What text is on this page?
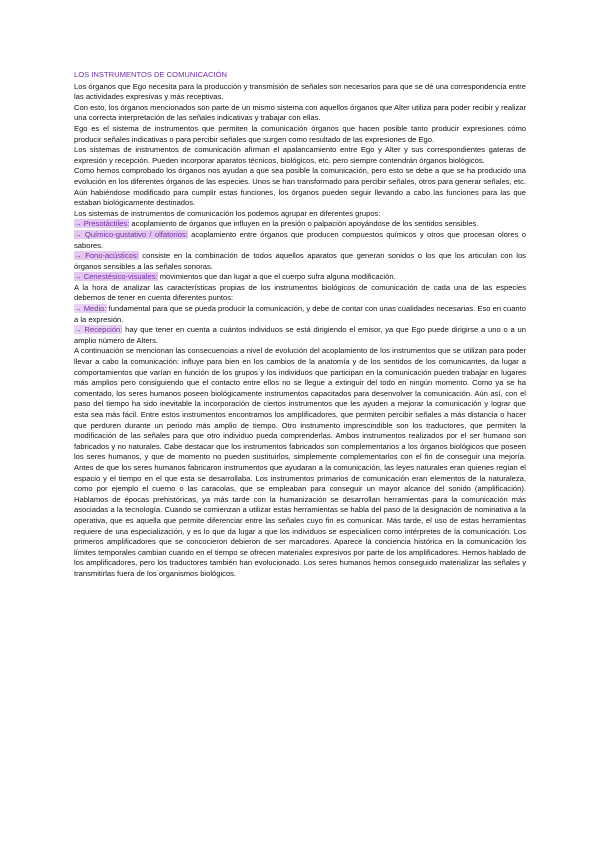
LOS INSTRUMENTOS DE COMUNICACIÓN

Los órganos que Ego necesita para la producción y transmisión de señales son necesarios para que se dé una correspondencia entre las actividades expresivas y más receptivas.

Con esto, los órganos mencionados son parte de un mismo sistema con aquellos órganos que Alter utiliza para poder recibir y realizar una correcta interpretación de las señales indicativas y trabajar con ellas.

Ego es el sistema de instrumentos que permiten la comunicación órganos que hacen posible tanto producir expresiones cómo producir señales indicativas o para percibir señales que surgen como resultado de las expresiones de Ego.

Los sistemas de instrumentos de comunicación afirman el apalancamiento entre Ego y Alter y sus correspondientes gateras de expresión y recepción. Pueden incorporar aparatos técnicos, biológicos, etc. pero siempre contendrán órganos biológicos.

Como hemos comprobado los órganos nos ayudan a que sea posible la comunicación, pero esto se debe a que se ha producido una evolución en los diferentes órganos de las especies. Unos se han transformado para percibir señales, otros para generar señales, etc. Aún habiéndose modificado para cumplir estas funciones, los órganos pueden seguir llevando a cabo las funciones para las que estaban biológicamente destinados.

Los sistemas de instrumentos de comunicación los podemos agrupar en diferentes grupos:

→ Presotáctiles: acoplamiento de órganos que influyen en la presión o palpación apoyándose de los sentidos sensibles.

→ Químico-gustativo / olfatorios: acoplamiento entre órganos que producen compuestos químicos y otros que procesan olores o sabores.

→ Fono-acústicos: consiste en la combinación de todos aquellos aparatos que generan sonidos o los que los articulan con los órganos sensibles a las señales sonoras.

→ Cenestésico-visuales: movimientos que dan lugar a que el cuerpo sufra alguna modificación.

A la hora de analizar las características propias de los instrumentos biológicos de comunicación de cada una de las especies debemos de tener en cuenta diferentes puntos:

→ Medio: fundamental para que se pueda producir la comunicación, y debe de contar con unas cualidades necesarias. Eso en cuanto a la expresión.

→ Recepción: hay que tener en cuenta a cuántos individuos se está dirigiendo el emisor, ya que Ego puede dirigirse a uno o a un amplio número de Alters.

A continuación se mencionan las consecuencias a nivel de evolución del acoplamiento de los instrumentos que se utilizan para poder llevar a cabo la comunicación: influye para bien en los cambios de la anatomía y de los sentidos de los comunicantes, da lugar a comportamientos que varían en función de los grupos y los individuos que participan en la comunicación pueden trabajar en lugares más amplios pero consiguiendo que el contacto entre ellos no se llegue a extinguir del todo en ningún momento. Como ya se ha comentado, los seres humanos poseen biológicamente instrumentos capacitados para desenvolver la comunicación. Aún así, con el paso del tiempo ha sido inevitable la incorporación de ciertos instrumentos que les ayuden a mejorar la comunicación y lograr que esta sea más fácil. Entre estos instrumentos encontramos los amplificadores, que permiten percibir señales a más distancia o hacer que perduren durante un periodo más amplio de tiempo. Otro instrumento imprescindible son los traductores, que permiten la modificación de las señales para que otro individuo pueda comprenderlas. Ambos instrumentos realizados por el ser humano son fabricados y no naturales. Cabe destacar que los instrumentos fabricados son complementarios a los órganos biológicos que poseen los seres humanos, y que de momento no pueden sustituirlos, simplemente complementarlos con el fin de conseguir una mejoría. Antes de que los seres humanos fabricaron instrumentos que ayudaran a la comunicación, las leyes naturales eran quienes regían el espacio y el tiempo en el que esta se desarrollaba. Los instrumentos primarios de comunicación eran elementos de la naturaleza, como por ejemplo el cuerno o las caracolas, que se empleaban para conseguir un mayor alcance del sonido (amplificación). Hablamos de épocas prehistóricas, ya más tarde con la humanización se desarrollan herramientas para la comunicación más asociadas a la tecnología. Cuando se comienzan a utilizar estas herramientas se habla del paso de la designación de nominativa a la operativa, que es aquella que permite diferenciar entre las señales cuyo fin es comunicar. Más tarde, el uso de estas herramientas requiere de una especialización, y es lo que da lugar a que los individuos se especialicen como intérpretes de la comunicación. Los primeros amplificadores que se concocieron debieron de ser marcadores. Aparece la conciencia histórica en la comunicación los límites temporales cambian cuando en el tiempo se ofrecen materiales expresivos por parte de los amplificadores. Hemos hablado de los amplificadores, pero los traductores también han evolucionado. Los seres humanos hemos conseguido materializar las señales y transmitirlas fuera de los organismos biológicos.
